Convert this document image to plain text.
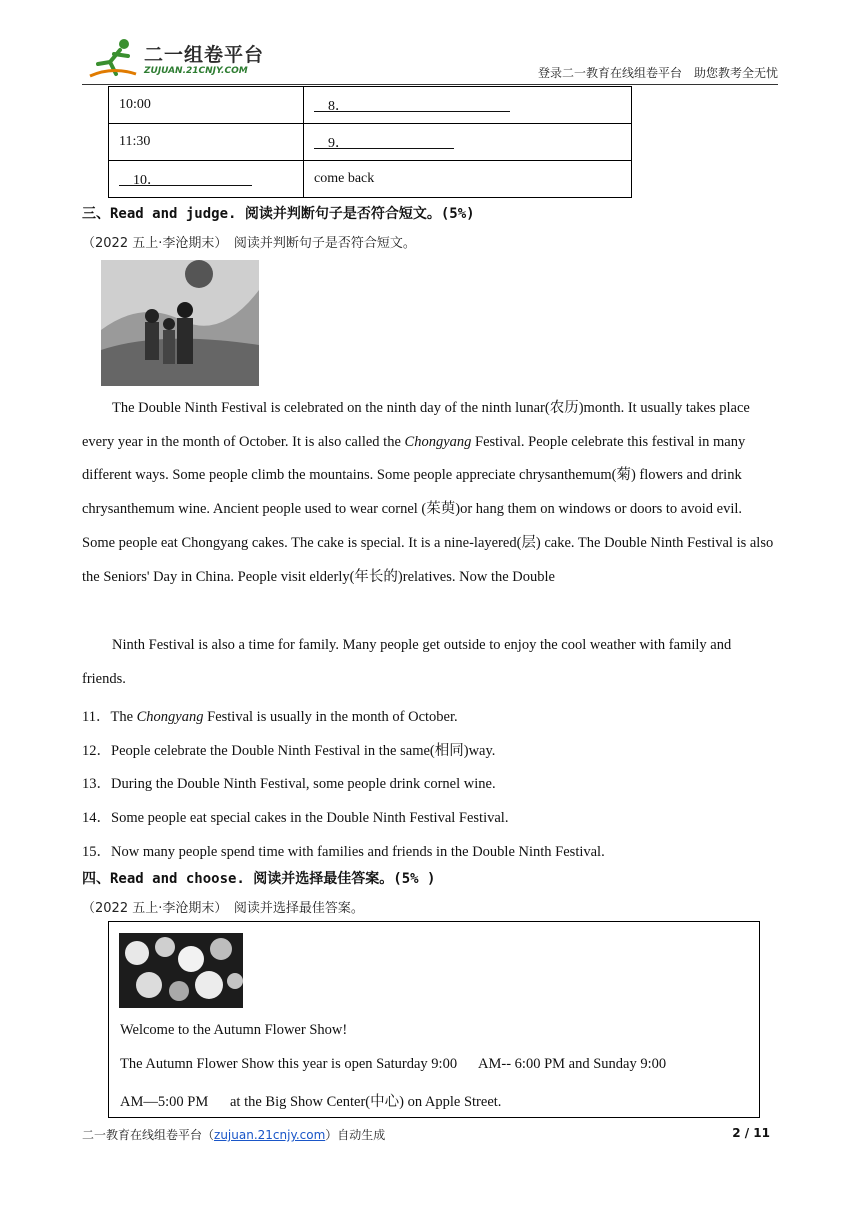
二一组卷平台
ZUJUAN.21CNJY.COM	登录二一教育在线组卷平台　助您教考全无忧
10:00	　8．　　　　　　　　　　　　
11:30	　9．　　　　　　　　
　10．　　　　　　　	come back
三、Read and judge. 阅读并判断句子是否符合短文。(5%)
（2022 五上·李沧期末）　阅读并判断句子是否符合短文。
The Double Ninth Festival is celebrated on the ninth day of the ninth lunar(农历)month. It usually takes place every year in the month of October. It is also called the Chongyang Festival. People celebrate this festival in many different ways. Some people climb the mountains. Some people appreciate chrysanthemum(菊) flowers and drink chrysanthemum wine. Ancient people used to wear cornel (茱萸)or hang them on windows or doors to avoid evil. Some people eat Chongyang cakes. The cake is special. It is a nine-layered(层) cake. The Double Ninth Festival is also the Seniors' Day in China. People visit elderly(年长的)relatives. Now the Double
Ninth Festival is also a time for family. Many people get outside to enjoy the cool weather with family and friends.
11．The Chongyang Festival is usually in the month of October.
12．People celebrate the Double Ninth Festival in the same(相同)way.
13．During the Double Ninth Festival, some people drink cornel wine.
14．Some people eat special cakes in the Double Ninth Festival Festival.
15．Now many people spend time with families and friends in the Double Ninth Festival.
四、Read and choose. 阅读并选择最佳答案。(5% )
（2022 五上·李沧期末）　阅读并选择最佳答案。

Welcome to the Autumn Flower Show!

The Autumn Flower Show this year is open Saturday 9:00      AM-- 6:00 PM and Sunday 9:00

AM—5:00 PM      at the Big Show Center(中心) on Apple Street.

二一教育在线组卷平台（zujuan.21cnjy.com）自动生成	2 / 11
